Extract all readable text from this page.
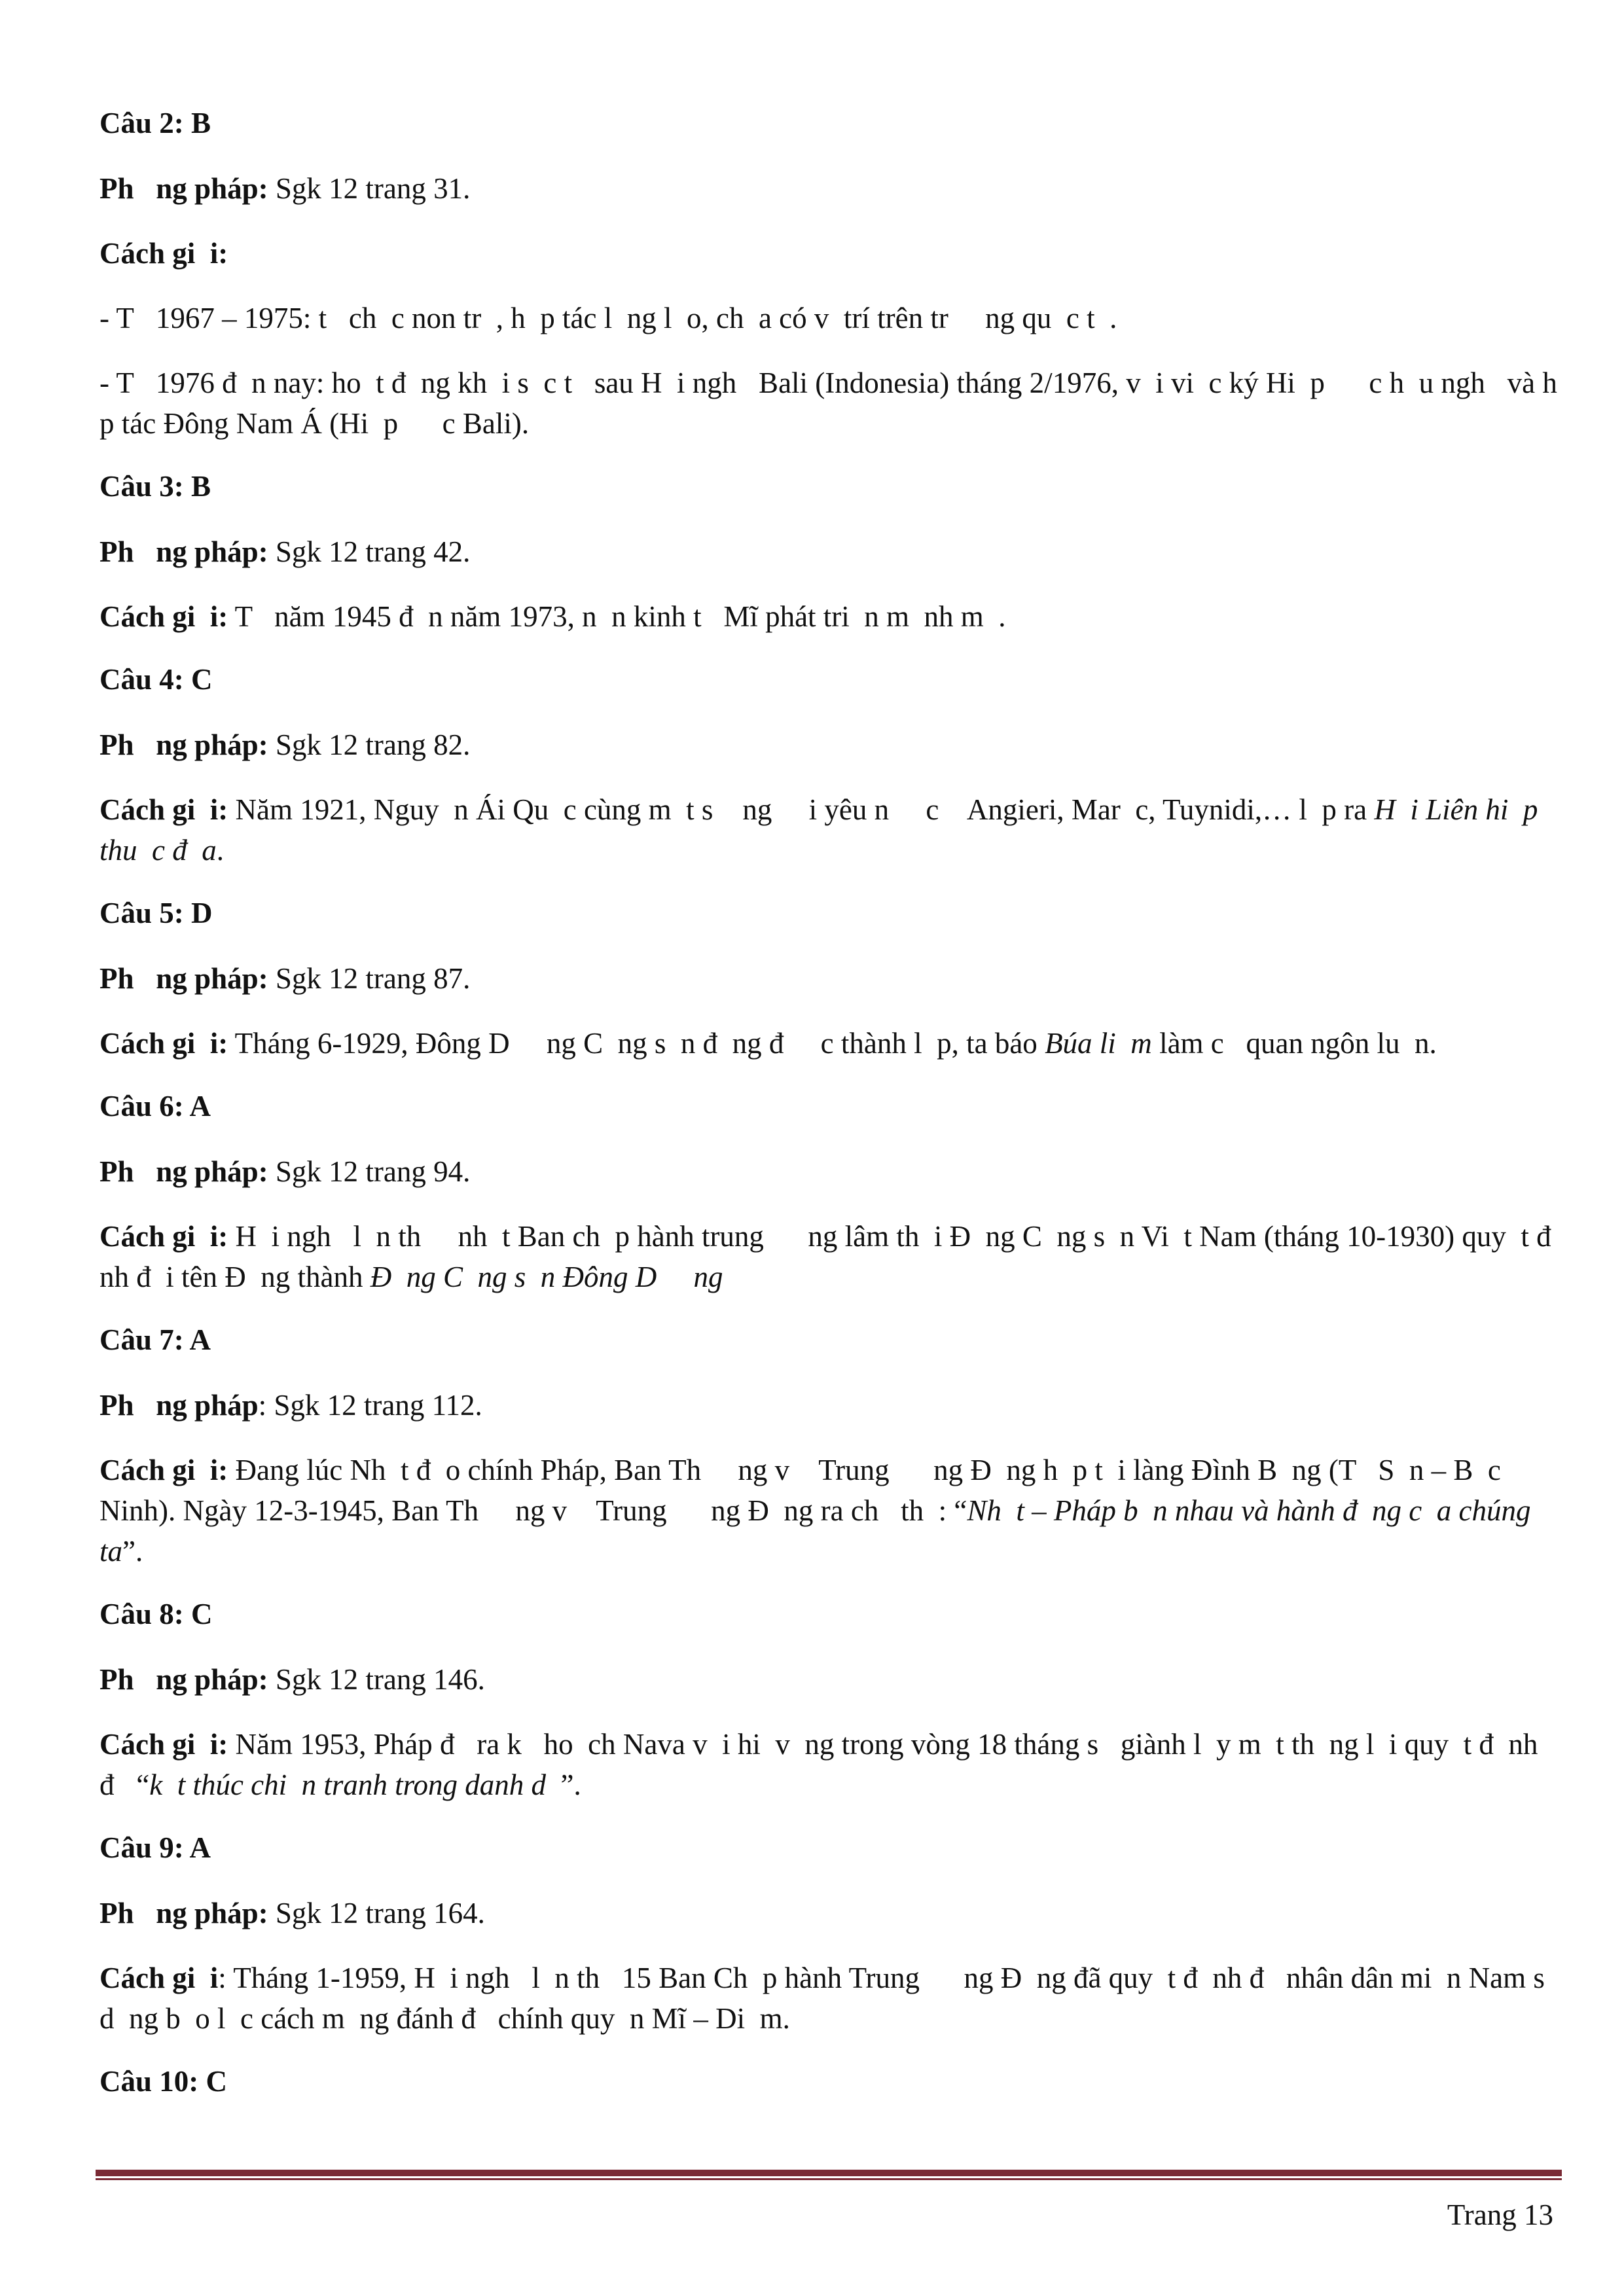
Câu 2: B
Ph   ng pháp: Sgk 12 trang 31.
Cách gi  i:
- T   1967 – 1975: t   ch  c non tr  , h  p tác l  ng l  o, ch  a có v  trí trên tr     ng qu  c t  .
- T   1976 đ  n nay: ho  t đ  ng kh  i s  c t   sau H  i ngh   Bali (Indonesia) tháng 2/1976, v  i vi  c ký Hi  p      c h  u ngh   và h  p tác Đông Nam Á (Hi  p      c Bali).
Câu 3: B
Ph   ng pháp: Sgk 12 trang 42.
Cách gi  i: T   năm 1945 đ  n năm 1973, n  n kinh t   Mĩ phát tri  n m  nh m  .
Câu 4: C
Ph   ng pháp: Sgk 12 trang 82.
Cách gi  i: Năm 1921, Nguy  n Ái Qu  c cùng m  t s    ng     i yêu n     c    Angieri, Mar  c, Tuynidi,… l  p ra H  i Liên hi  p thu  c đ  a.
Câu 5: D
Ph   ng pháp: Sgk 12 trang 87.
Cách gi  i: Tháng 6-1929, Đông D     ng C  ng s  n đ  ng đ     c thành l  p, ta báo Búa li  m làm c   quan ngôn lu  n.
Câu 6: A
Ph   ng pháp: Sgk 12 trang 94.
Cách gi  i: H  i ngh   l  n th     nh  t Ban ch  p hành trung      ng lâm th  i Đ  ng C  ng s  n Vi  t Nam (tháng 10-1930) quy  t đ  nh đ  i tên Đ  ng thành Đ  ng C  ng s  n Đông D     ng
Câu 7: A
Ph   ng pháp: Sgk 12 trang 112.
Cách gi  i: Đang lúc Nh  t đ  o chính Pháp, Ban Th     ng v    Trung      ng Đ  ng h  p t  i làng Đình B  ng (T   S  n – B  c Ninh). Ngày 12-3-1945, Ban Th     ng v    Trung      ng Đ  ng ra ch   th  : “Nh  t – Pháp b  n nhau và hành đ  ng c  a chúng ta”.
Câu 8: C
Ph   ng pháp: Sgk 12 trang 146.
Cách gi  i: Năm 1953, Pháp đ   ra k   ho  ch Nava v  i hi  v  ng trong vòng 18 tháng s   giành l  y m  t th  ng l  i quy  t đ  nh đ   “k  t thúc chi  n tranh trong danh d  ”.
Câu 9: A
Ph   ng pháp: Sgk 12 trang 164.
Cách gi  i: Tháng 1-1959, H  i ngh   l  n th   15 Ban Ch  p hành Trung      ng Đ  ng đã quy  t đ  nh đ   nhân dân mi  n Nam s   d  ng b  o l  c cách m  ng đánh đ   chính quy  n Mĩ – Di  m.
Câu 10: C
Trang 13
